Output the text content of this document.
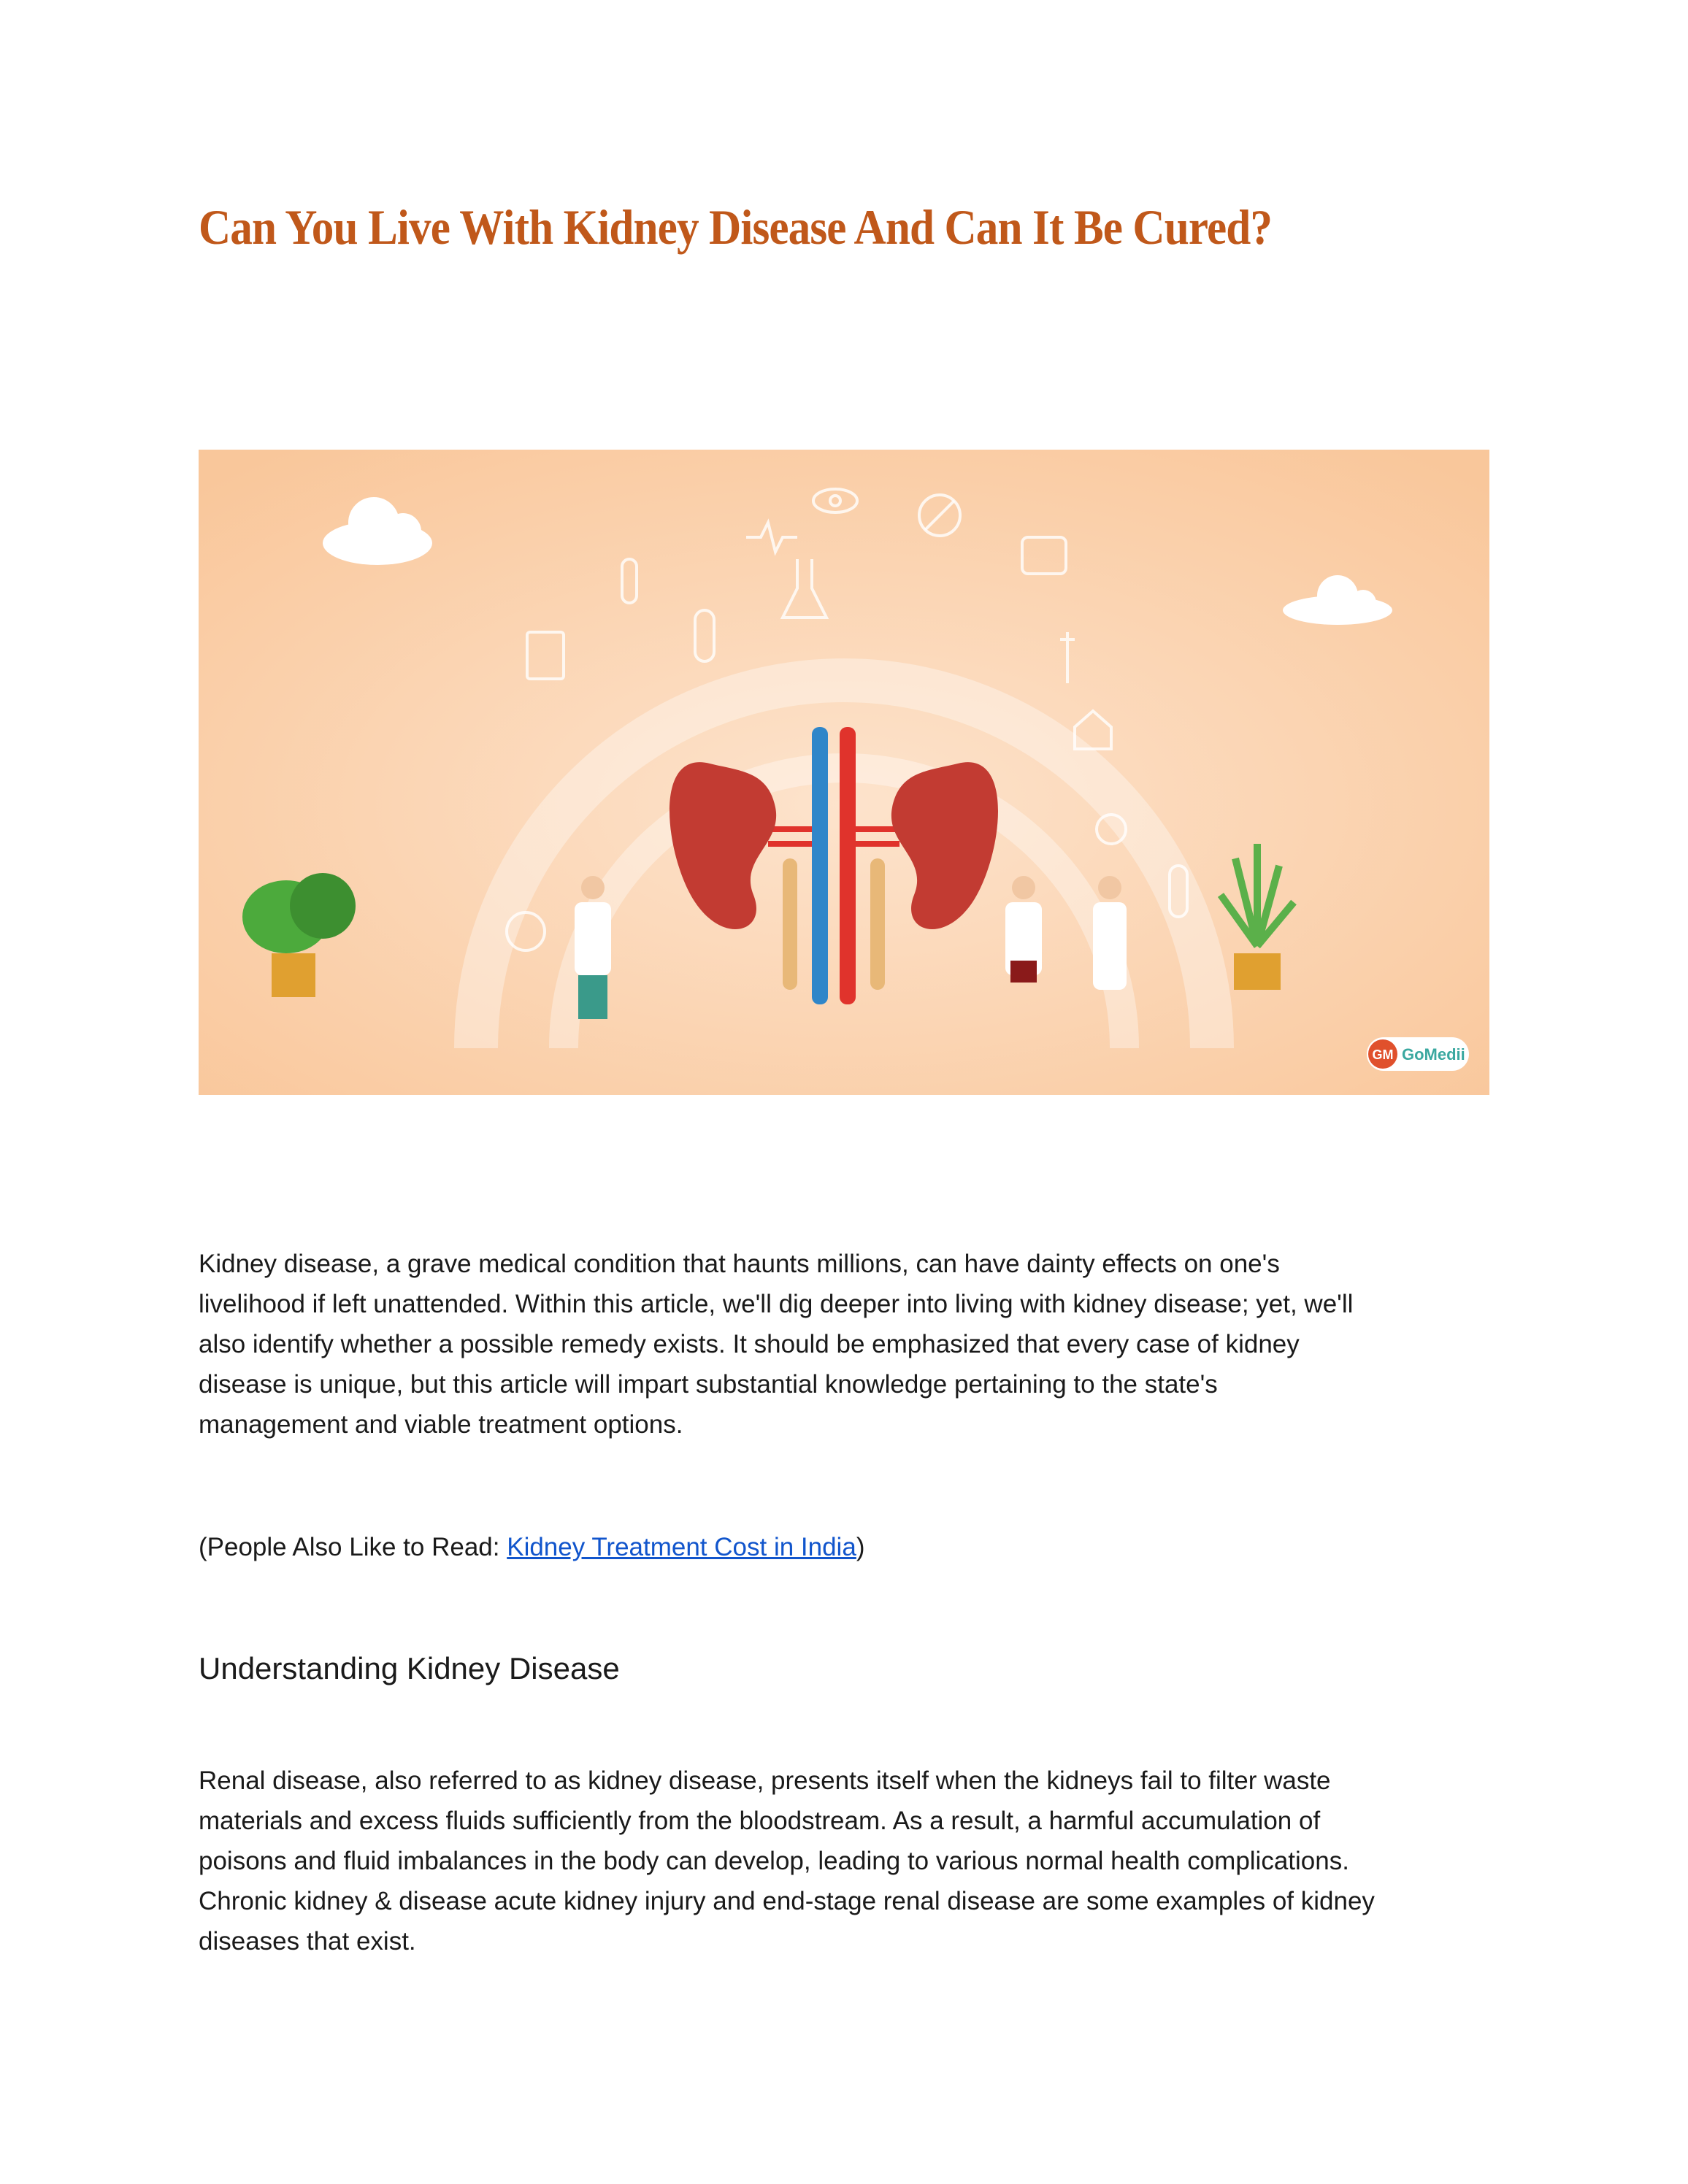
Can You Live With Kidney Disease And Can It Be Cured?
GM GoMedii
Kidney disease, a grave medical condition that haunts millions, can have dainty effects on one's
livelihood if left unattended. Within this article, we'll dig deeper into living with kidney disease; yet, we'll
also identify whether a possible remedy exists. It should be emphasized that every case of kidney
disease is unique, but this article will impart substantial knowledge pertaining to the state's
management and viable treatment options.
(People Also Like to Read: Kidney Treatment Cost in India)
Understanding Kidney Disease
Renal disease, also referred to as kidney disease, presents itself when the kidneys fail to filter waste
materials and excess fluids sufficiently from the bloodstream. As a result, a harmful accumulation of
poisons and fluid imbalances in the body can develop, leading to various normal health complications.
Chronic kidney & disease acute kidney injury and end-stage renal disease are some examples of kidney
diseases that exist.
